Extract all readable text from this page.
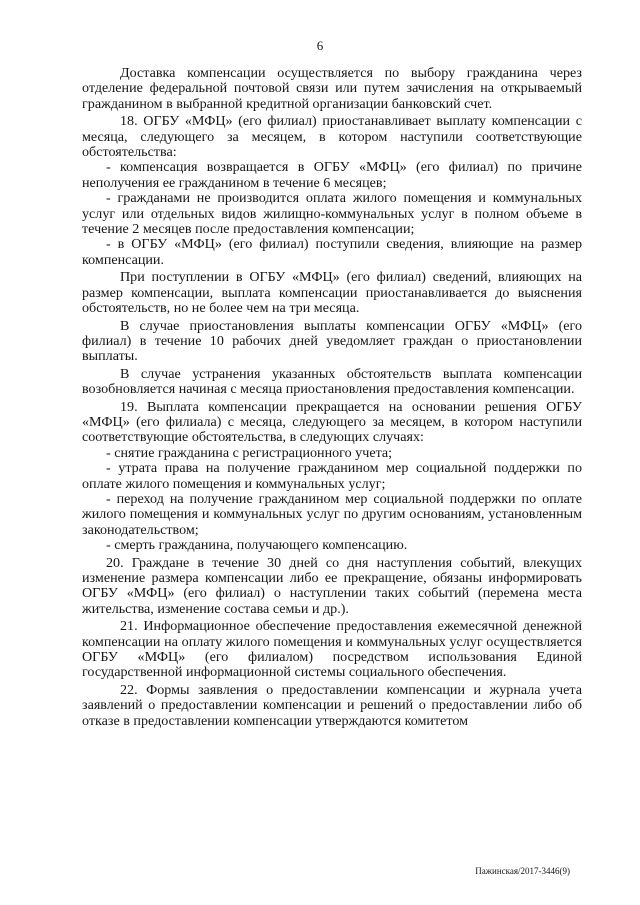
6

Доставка компенсации осуществляется по выбору гражданина через отделение федеральной почтовой связи или путем зачисления на открываемый гражданином в выбранной кредитной организации банковский счет.

18. ОГБУ «МФЦ» (его филиал) приостанавливает выплату компенсации с месяца, следующего за месяцем, в котором наступили соответствующие обстоятельства:

- компенсация возвращается в ОГБУ «МФЦ» (его филиал) по причине неполучения ее гражданином в течение 6 месяцев;

- гражданами не производится оплата жилого помещения и коммунальных услуг или отдельных видов жилищно-коммунальных услуг в полном объеме в течение 2 месяцев после предоставления компенсации;

- в ОГБУ «МФЦ» (его филиал) поступили сведения, влияющие на размер компенсации.

При поступлении в ОГБУ «МФЦ» (его филиал) сведений, влияющих на размер компенсации, выплата компенсации приостанавливается до выяснения обстоятельств, но не более чем на три месяца.

В случае приостановления выплаты компенсации ОГБУ «МФЦ» (его филиал) в течение 10 рабочих дней уведомляет граждан о приостановлении выплаты.

В случае устранения указанных обстоятельств выплата компенсации возобновляется начиная с месяца приостановления предоставления компенсации.

19. Выплата компенсации прекращается на основании решения ОГБУ «МФЦ» (его филиала) с месяца, следующего за месяцем, в котором наступили соответствующие обстоятельства, в следующих случаях:

- снятие гражданина с регистрационного учета;

- утрата права на получение гражданином мер социальной поддержки по оплате жилого помещения и коммунальных услуг;

- переход на получение гражданином мер социальной поддержки по оплате жилого помещения и коммунальных услуг по другим основаниям, установленным законодательством;

- смерть гражданина, получающего компенсацию.

20. Граждане в течение 30 дней со дня наступления событий, влекущих изменение размера компенсации либо ее прекращение, обязаны информировать ОГБУ «МФЦ» (его филиал) о наступлении таких событий (перемена места жительства, изменение состава семьи и др.).

21. Информационное обеспечение предоставления ежемесячной денежной компенсации на оплату жилого помещения и коммунальных услуг осуществляется ОГБУ «МФЦ» (его филиалом) посредством использования Единой государственной информационной системы социального обеспечения.

22. Формы заявления о предоставлении компенсации и журнала учета заявлений о предоставлении компенсации и решений о предоставлении либо об отказе в предоставлении компенсации утверждаются комитетом

Пажинская/2017-3446(9)
